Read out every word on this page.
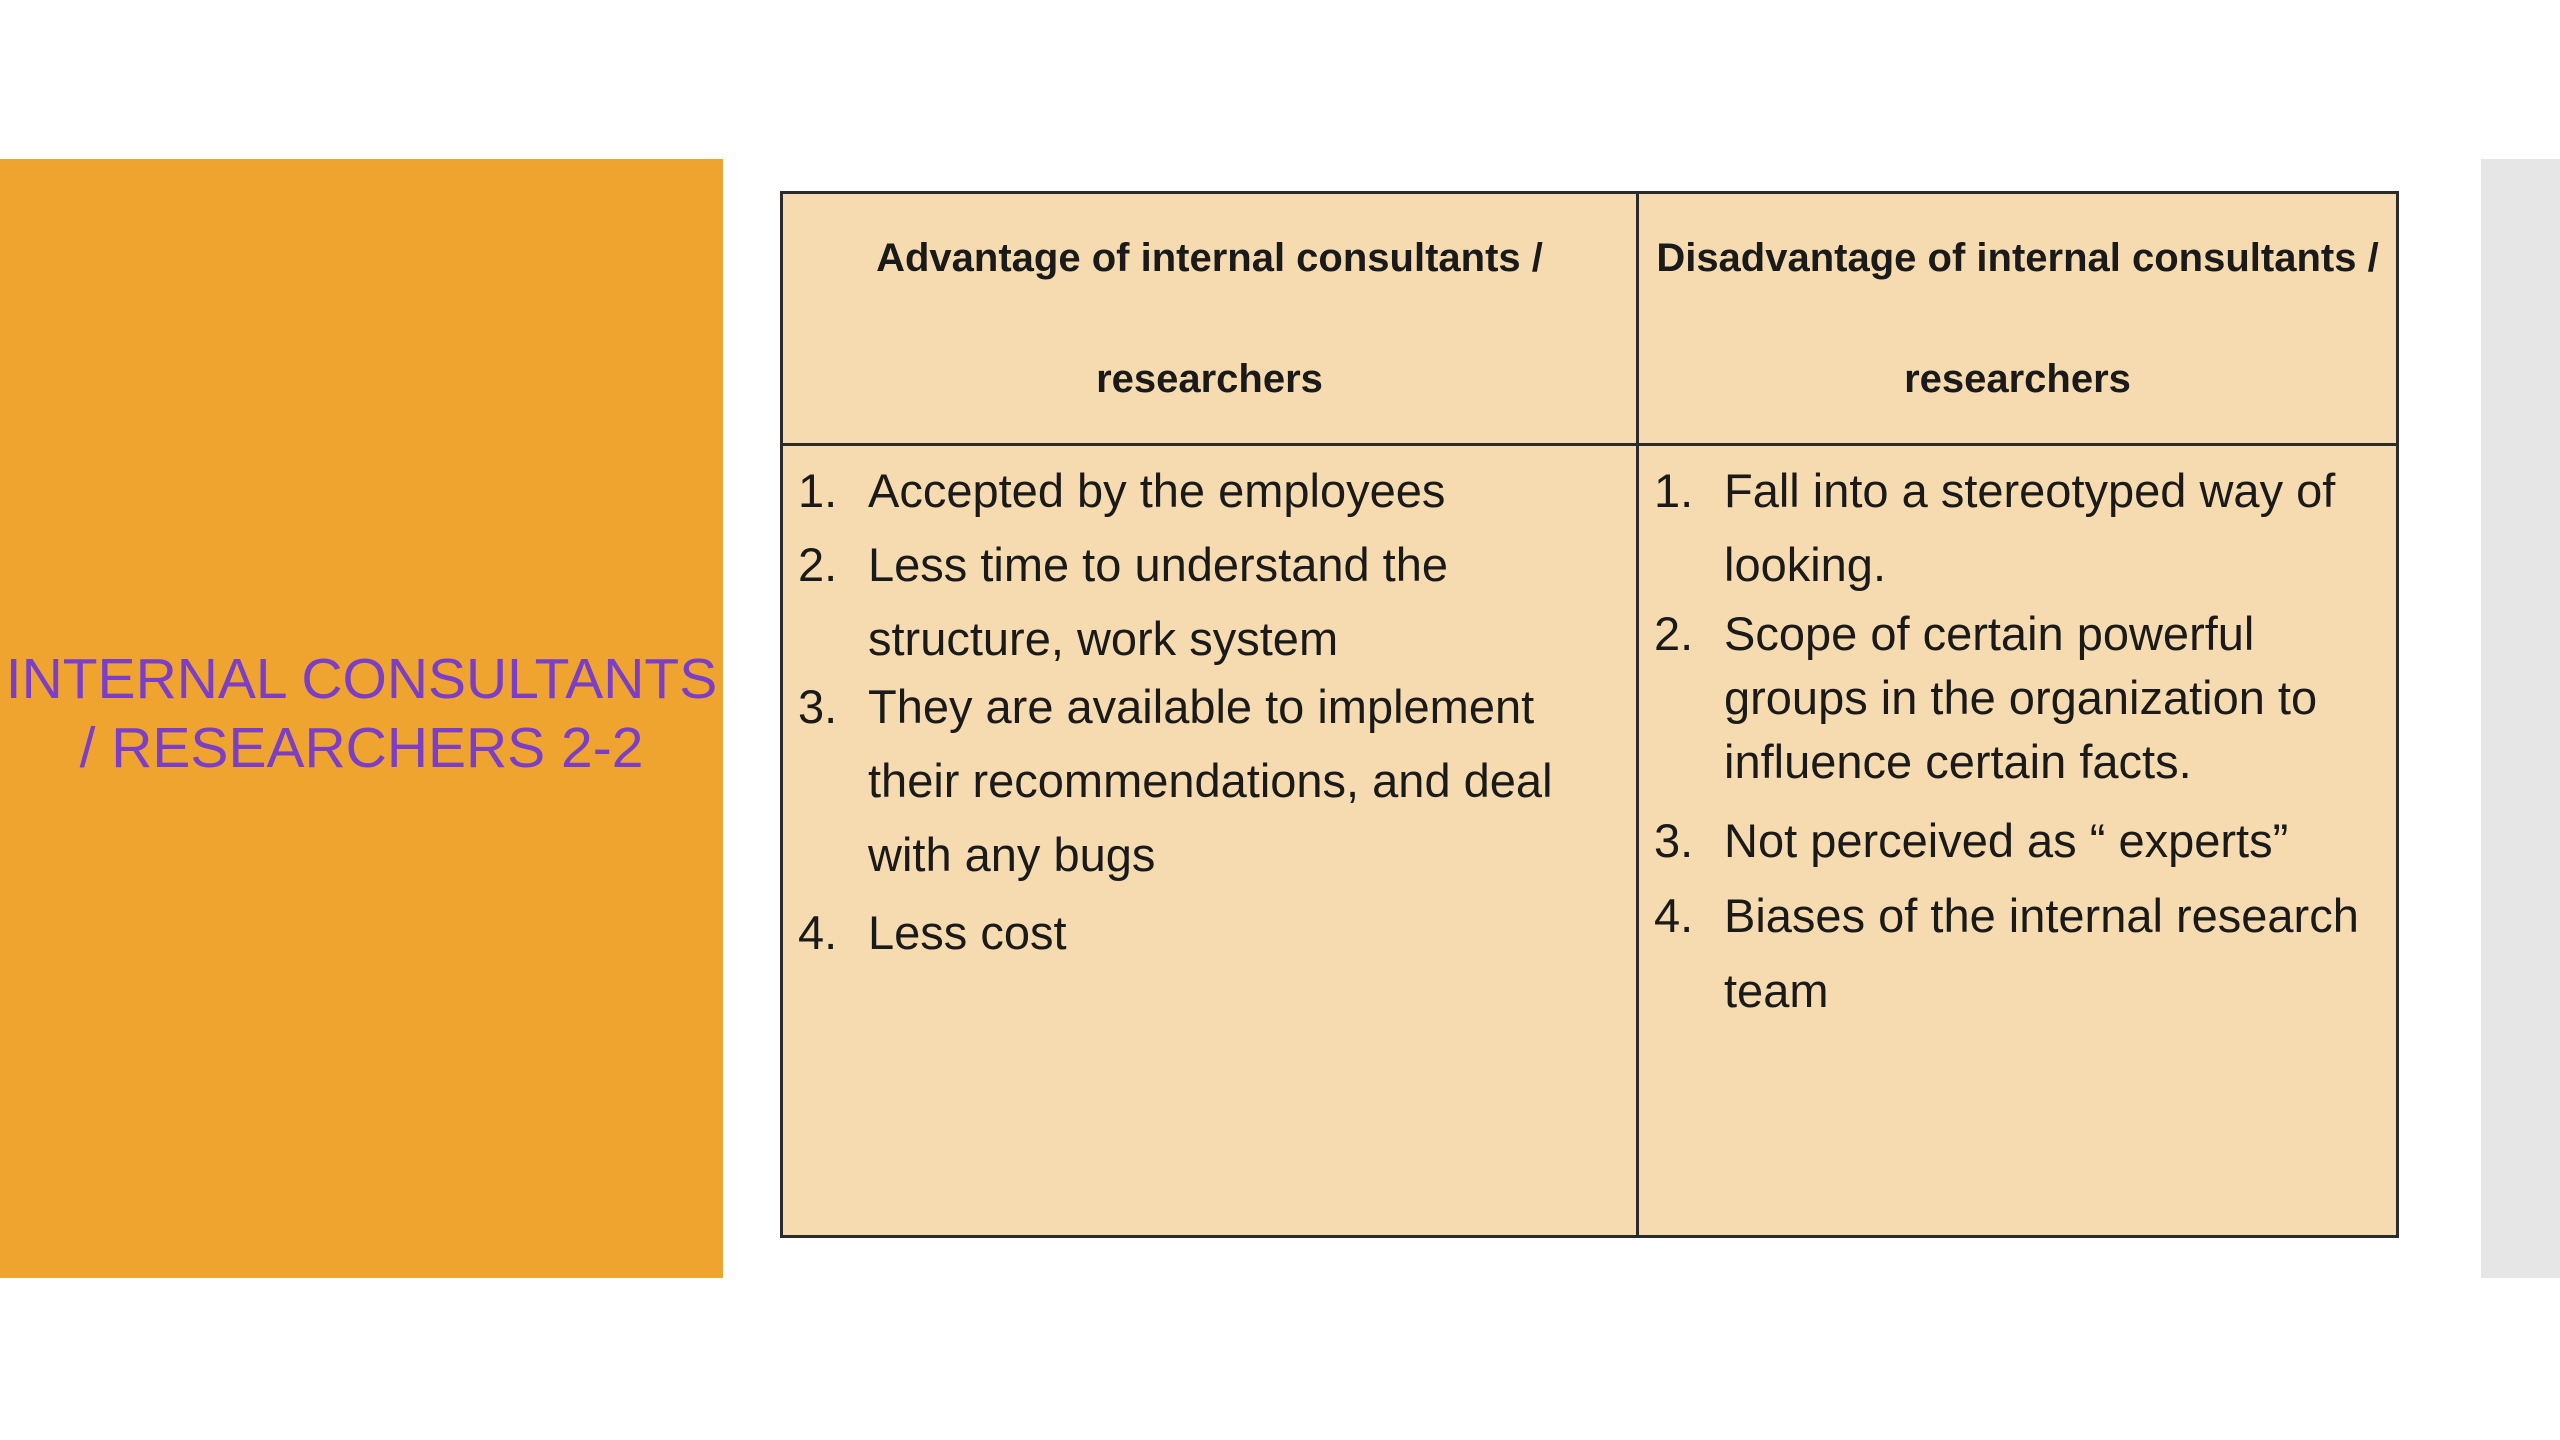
INTERNAL CONSULTANTS / RESEARCHERS 2-2
Advantage of internal consultants / researchers
Disadvantage of internal consultants / researchers
1. Accepted by the employees
2. Less time to understand the structure, work system
3. They are available to implement their recommendations, and deal with any bugs
4. Less cost
1. Fall into a stereotyped way of looking.
2. Scope of certain powerful groups in the organization to influence certain facts.
3. Not perceived as “ experts”
4. Biases of the internal research team
